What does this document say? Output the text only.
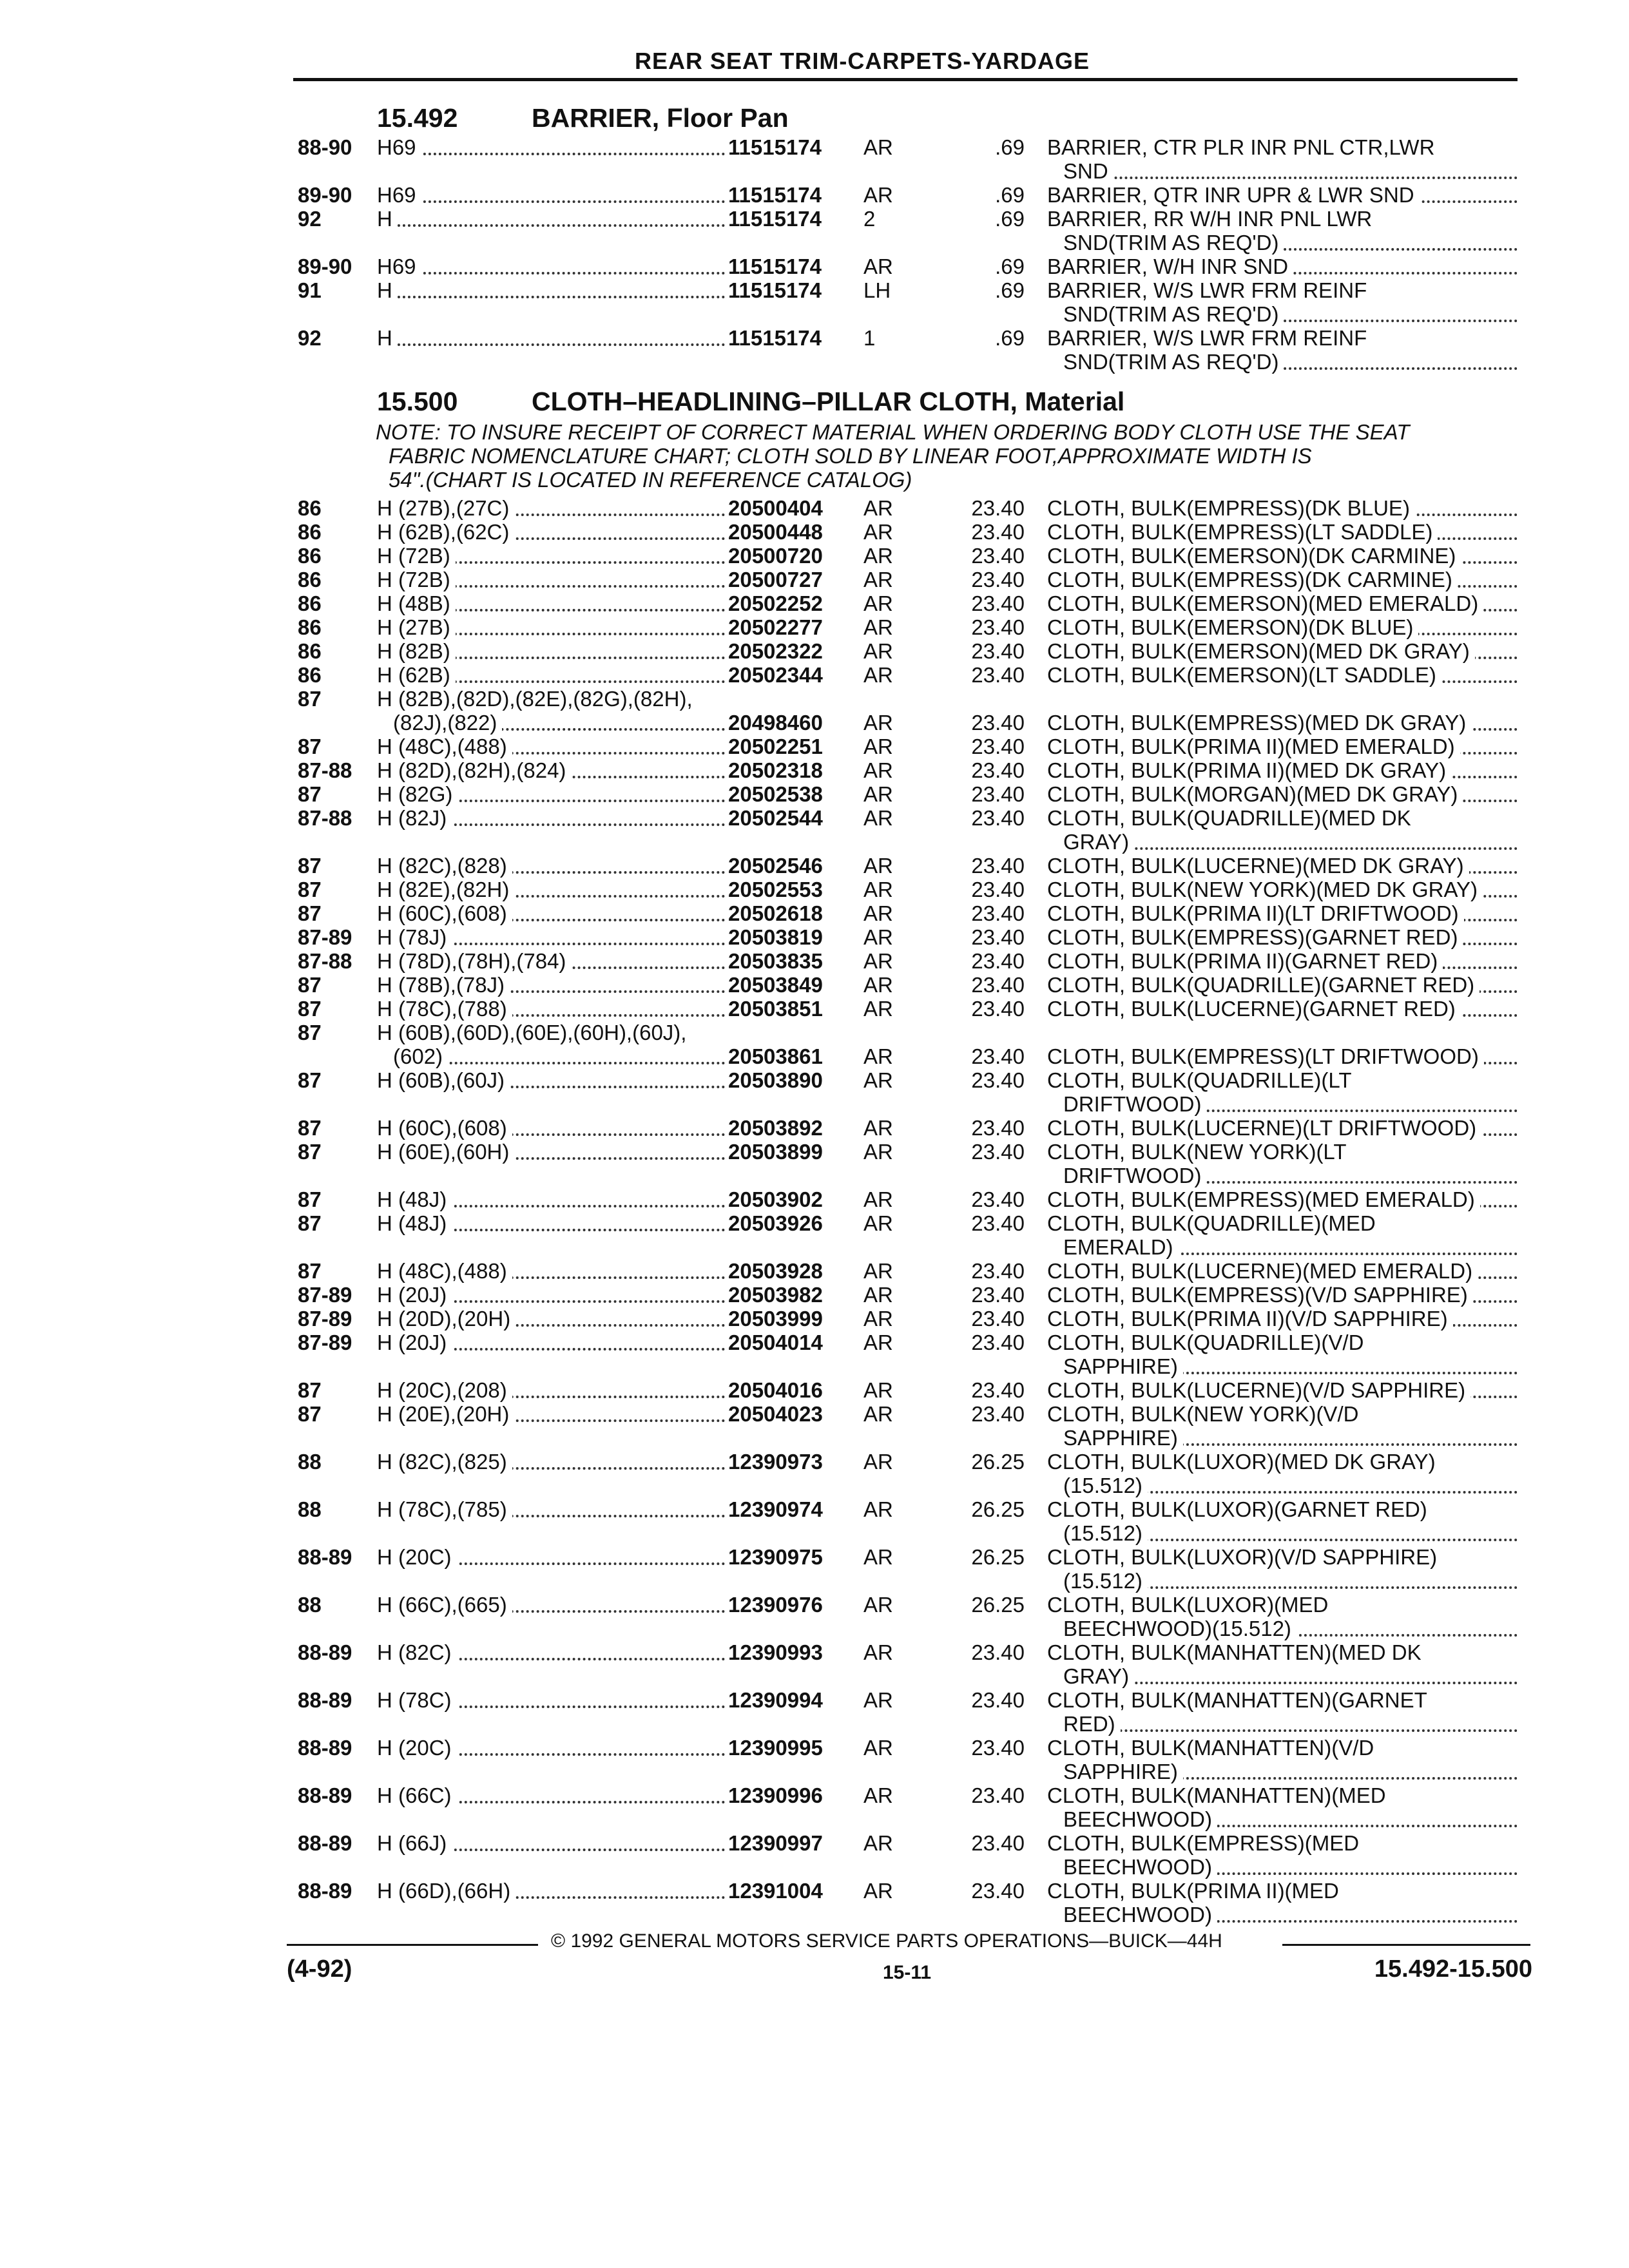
REAR SEAT TRIM-CARPETS-YARDAGE
15.492	BARRIER, Floor Pan
88-90	H69	11515174	AR	.69 BARRIER, CTR PLR INR PNL CTR,LWR
SND
89-90	H69	11515174	AR	.69 BARRIER, QTR INR UPR & LWR SND
92	H	11515174	2	.69 BARRIER, RR W/H INR PNL LWR
SND(TRIM AS REQ'D)
89-90	H69	11515174	AR	.69 BARRIER, W/H INR SND
91	H	11515174	LH	.69 BARRIER, W/S LWR FRM REINF
SND(TRIM AS REQ'D)
92	H	11515174	1	.69 BARRIER, W/S LWR FRM REINF
SND(TRIM AS REQ'D)
15.500	CLOTH–HEADLINING–PILLAR CLOTH, Material
NOTE: TO INSURE RECEIPT OF CORRECT MATERIAL WHEN ORDERING BODY CLOTH USE THE SEAT
FABRIC NOMENCLATURE CHART; CLOTH SOLD BY LINEAR FOOT,APPROXIMATE WIDTH IS
54".(CHART IS LOCATED IN REFERENCE CATALOG)
86	H (27B),(27C)	20500404	AR	23.40 CLOTH, BULK(EMPRESS)(DK BLUE)
86	H (62B),(62C)	20500448	AR	23.40 CLOTH, BULK(EMPRESS)(LT SADDLE)
86	H (72B)	20500720	AR	23.40 CLOTH, BULK(EMERSON)(DK CARMINE)
86	H (72B)	20500727	AR	23.40 CLOTH, BULK(EMPRESS)(DK CARMINE)
86	H (48B)	20502252	AR	23.40 CLOTH, BULK(EMERSON)(MED EMERALD)
86	H (27B)	20502277	AR	23.40 CLOTH, BULK(EMERSON)(DK BLUE)
86	H (82B)	20502322	AR	23.40 CLOTH, BULK(EMERSON)(MED DK GRAY)
86	H (62B)	20502344	AR	23.40 CLOTH, BULK(EMERSON)(LT SADDLE)
87	H (82B),(82D),(82E),(82G),(82H),
(82J),(822)	20498460	AR	23.40 CLOTH, BULK(EMPRESS)(MED DK GRAY)
87	H (48C),(488)	20502251	AR	23.40 CLOTH, BULK(PRIMA II)(MED EMERALD)
87-88	H (82D),(82H),(824)	20502318	AR	23.40 CLOTH, BULK(PRIMA II)(MED DK GRAY)
87	H (82G)	20502538	AR	23.40 CLOTH, BULK(MORGAN)(MED DK GRAY)
87-88	H (82J)	20502544	AR	23.40 CLOTH, BULK(QUADRILLE)(MED DK
GRAY)
87	H (82C),(828)	20502546	AR	23.40 CLOTH, BULK(LUCERNE)(MED DK GRAY)
87	H (82E),(82H)	20502553	AR	23.40 CLOTH, BULK(NEW YORK)(MED DK GRAY)
87	H (60C),(608)	20502618	AR	23.40 CLOTH, BULK(PRIMA II)(LT DRIFTWOOD)
87-89	H (78J)	20503819	AR	23.40 CLOTH, BULK(EMPRESS)(GARNET RED)
87-88	H (78D),(78H),(784)	20503835	AR	23.40 CLOTH, BULK(PRIMA II)(GARNET RED)
87	H (78B),(78J)	20503849	AR	23.40 CLOTH, BULK(QUADRILLE)(GARNET RED)
87	H (78C),(788)	20503851	AR	23.40 CLOTH, BULK(LUCERNE)(GARNET RED)
87	H (60B),(60D),(60E),(60H),(60J),
(602)	20503861	AR	23.40 CLOTH, BULK(EMPRESS)(LT DRIFTWOOD)
87	H (60B),(60J)	20503890	AR	23.40 CLOTH, BULK(QUADRILLE)(LT
DRIFTWOOD)
87	H (60C),(608)	20503892	AR	23.40 CLOTH, BULK(LUCERNE)(LT DRIFTWOOD)
87	H (60E),(60H)	20503899	AR	23.40 CLOTH, BULK(NEW YORK)(LT
DRIFTWOOD)
87	H (48J)	20503902	AR	23.40 CLOTH, BULK(EMPRESS)(MED EMERALD)
87	H (48J)	20503926	AR	23.40 CLOTH, BULK(QUADRILLE)(MED
EMERALD)
87	H (48C),(488)	20503928	AR	23.40 CLOTH, BULK(LUCERNE)(MED EMERALD)
87-89	H (20J)	20503982	AR	23.40 CLOTH, BULK(EMPRESS)(V/D SAPPHIRE)
87-89	H (20D),(20H)	20503999	AR	23.40 CLOTH, BULK(PRIMA II)(V/D SAPPHIRE)
87-89	H (20J)	20504014	AR	23.40 CLOTH, BULK(QUADRILLE)(V/D
SAPPHIRE)
87	H (20C),(208)	20504016	AR	23.40 CLOTH, BULK(LUCERNE)(V/D SAPPHIRE)
87	H (20E),(20H)	20504023	AR	23.40 CLOTH, BULK(NEW YORK)(V/D
SAPPHIRE)
88	H (82C),(825)	12390973	AR	26.25 CLOTH, BULK(LUXOR)(MED DK GRAY)
(15.512)
88	H (78C),(785)	12390974	AR	26.25 CLOTH, BULK(LUXOR)(GARNET RED)
(15.512)
88-89	H (20C)	12390975	AR	26.25 CLOTH, BULK(LUXOR)(V/D SAPPHIRE)
(15.512)
88	H (66C),(665)	12390976	AR	26.25 CLOTH, BULK(LUXOR)(MED
BEECHWOOD)(15.512)
88-89	H (82C)	12390993	AR	23.40 CLOTH, BULK(MANHATTEN)(MED DK
GRAY)
88-89	H (78C)	12390994	AR	23.40 CLOTH, BULK(MANHATTEN)(GARNET
RED)
88-89	H (20C)	12390995	AR	23.40 CLOTH, BULK(MANHATTEN)(V/D
SAPPHIRE)
88-89	H (66C)	12390996	AR	23.40 CLOTH, BULK(MANHATTEN)(MED
BEECHWOOD)
88-89	H (66J)	12390997	AR	23.40 CLOTH, BULK(EMPRESS)(MED
BEECHWOOD)
88-89	H (66D),(66H)	12391004	AR	23.40 CLOTH, BULK(PRIMA II)(MED
BEECHWOOD)
© 1992 GENERAL MOTORS SERVICE PARTS OPERATIONS—BUICK—44H
(4-92)	15-11	15.492-15.500
